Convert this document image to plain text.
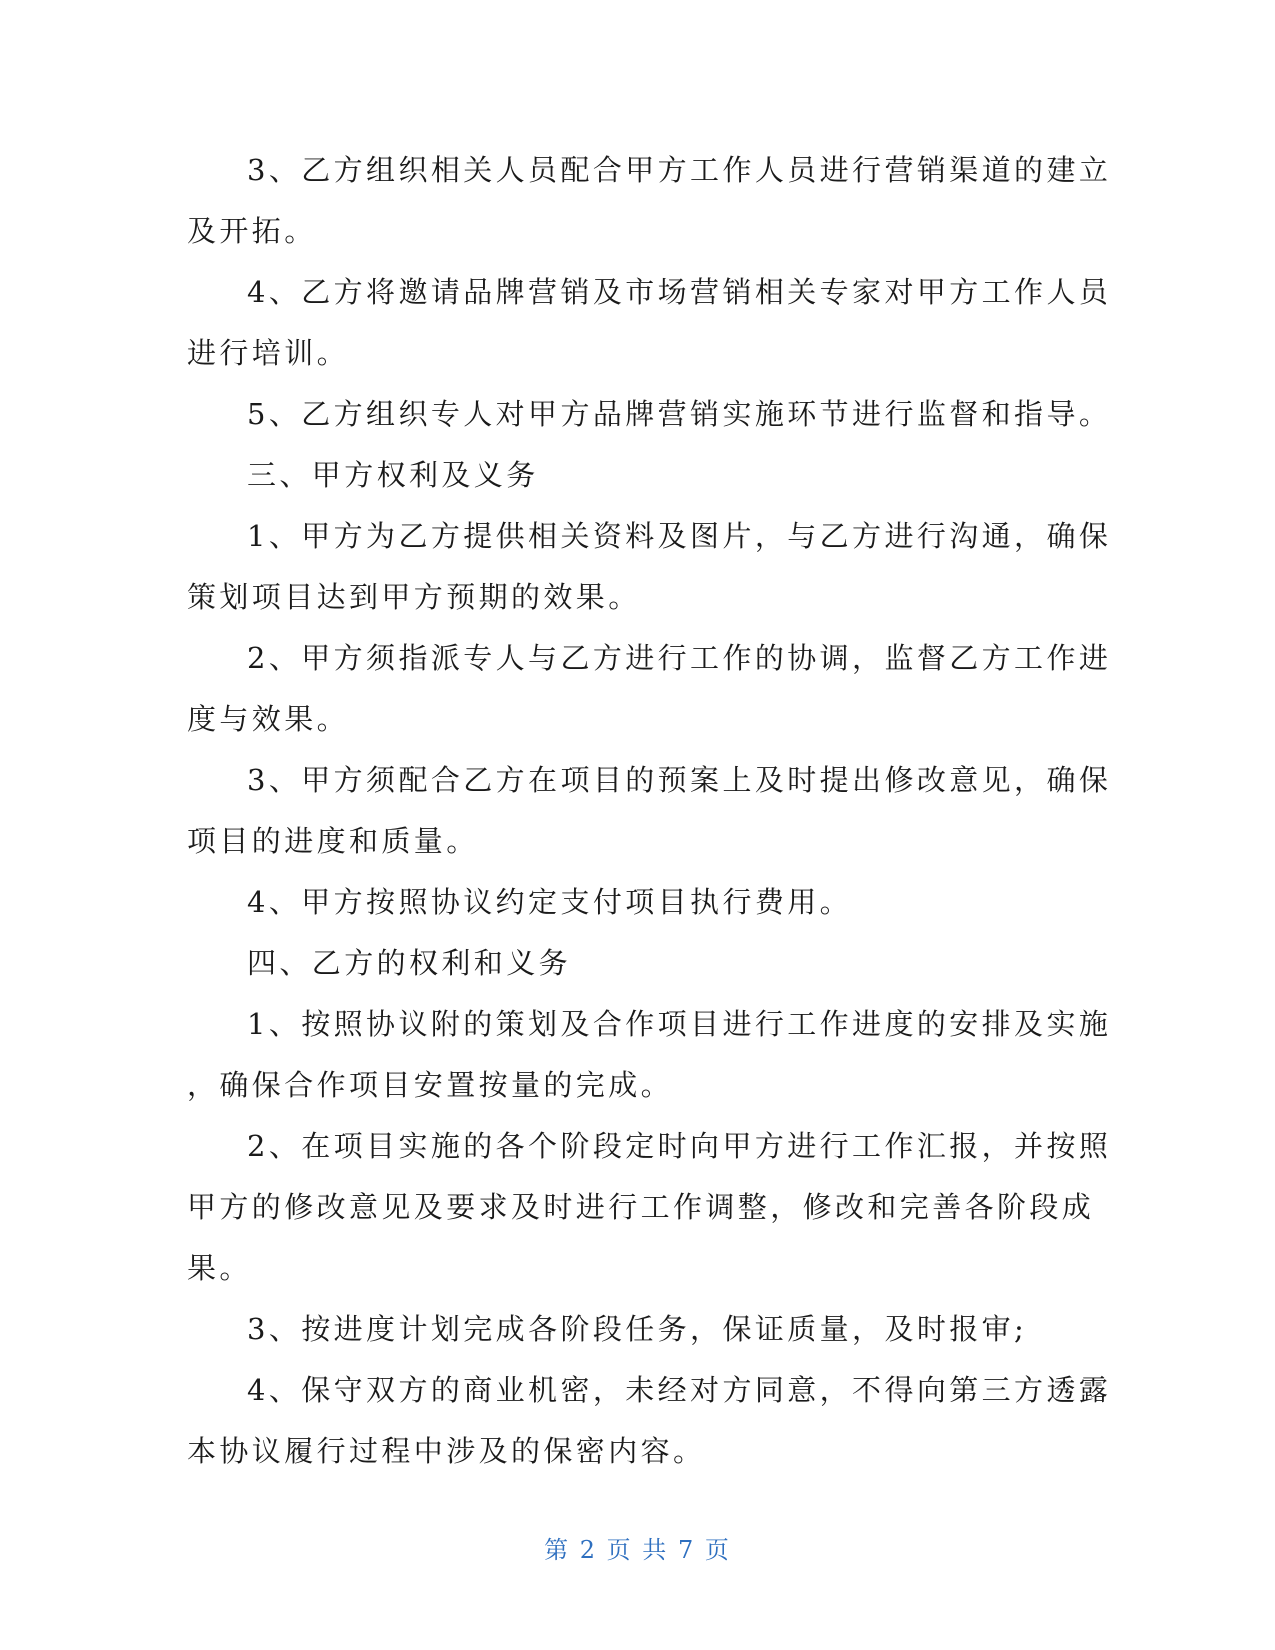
3、乙方组织相关人员配合甲方工作人员进行营销渠道的建立
及开拓。
4、乙方将邀请品牌营销及市场营销相关专家对甲方工作人员
进行培训。
5、乙方组织专人对甲方品牌营销实施环节进行监督和指导。
三、甲方权利及义务
1、甲方为乙方提供相关资料及图片，与乙方进行沟通，确保
策划项目达到甲方预期的效果。
2、甲方须指派专人与乙方进行工作的协调，监督乙方工作进
度与效果。
3、甲方须配合乙方在项目的预案上及时提出修改意见，确保
项目的进度和质量。
4、甲方按照协议约定支付项目执行费用。
四、乙方的权利和义务
1、按照协议附的策划及合作项目进行工作进度的安排及实施
，确保合作项目安置按量的完成。
2、在项目实施的各个阶段定时向甲方进行工作汇报，并按照
甲方的修改意见及要求及时进行工作调整，修改和完善各阶段成
果。
3、按进度计划完成各阶段任务，保证质量，及时报审;
4、保守双方的商业机密，未经对方同意，不得向第三方透露
本协议履行过程中涉及的保密内容。
第 2 页 共 7 页
